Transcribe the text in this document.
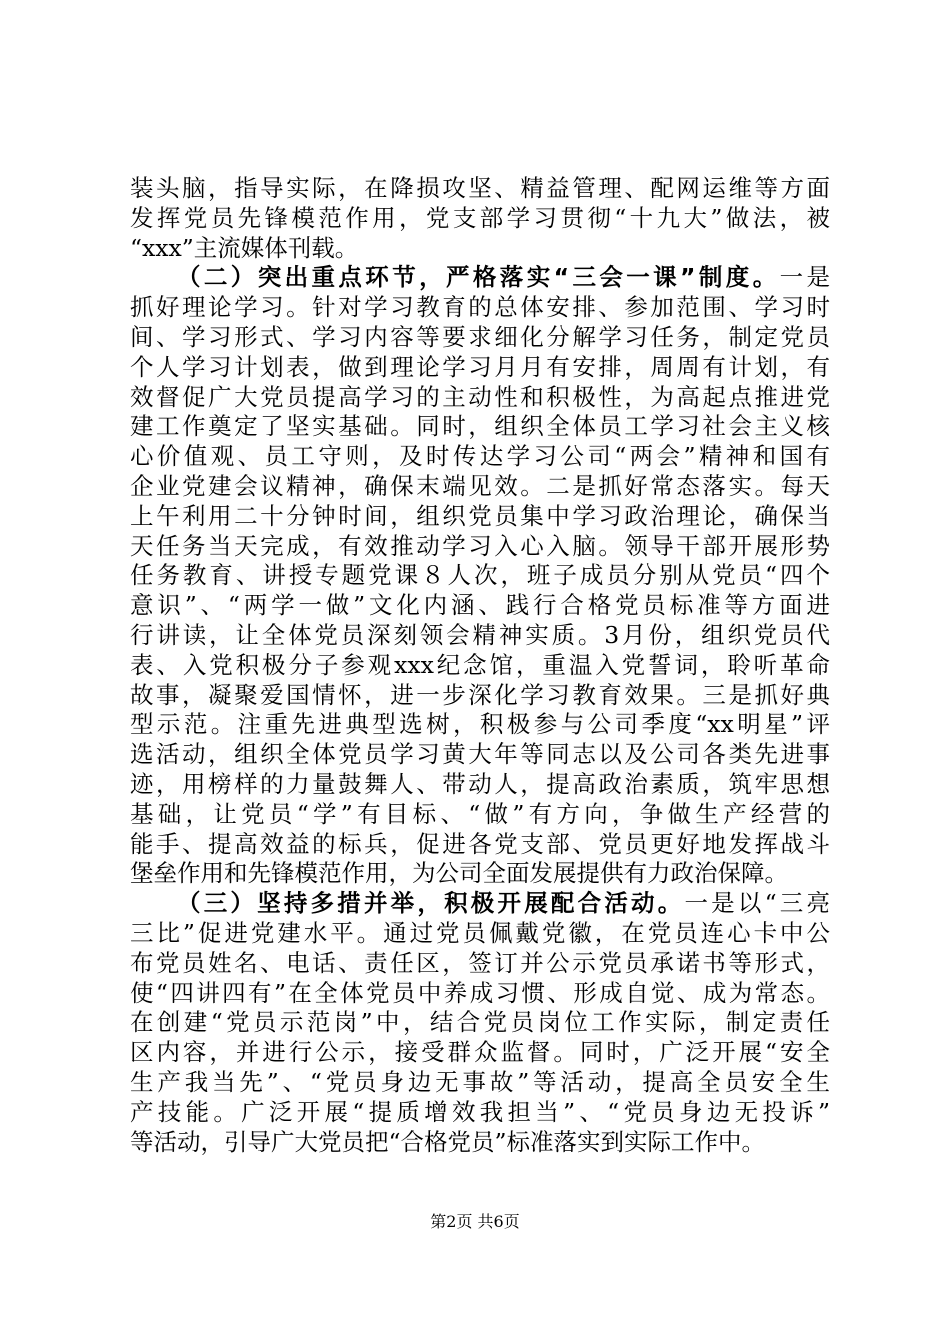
装头脑，指导实际，在降损攻坚、精益管理、配网运维等方面
发挥党员先锋模范作用，党支部学习贯彻“十九大”做法，被
“xxx”主流媒体刊载。
（二）突出重点环节，严格落实“三会一课”制度。一是
抓好理论学习。针对学习教育的总体安排、参加范围、学习时
间、学习形式、学习内容等要求细化分解学习任务，制定党员
个人学习计划表，做到理论学习月月有安排，周周有计划，有
效督促广大党员提高学习的主动性和积极性，为高起点推进党
建工作奠定了坚实基础。同时，组织全体员工学习社会主义核
心价值观、员工守则，及时传达学习公司“两会”精神和国有
企业党建会议精神，确保末端见效。二是抓好常态落实。每天
上午利用二十分钟时间，组织党员集中学习政治理论，确保当
天任务当天完成，有效推动学习入心入脑。领导干部开展形势
任务教育、讲授专题党课８人次，班子成员分别从党员“四个
意识”、“两学一做”文化内涵、践行合格党员标准等方面进
行讲读，让全体党员深刻领会精神实质。3月份，组织党员代
表、入党积极分子参观xxx纪念馆，重温入党誓词，聆听革命
故事，凝聚爱国情怀，进一步深化学习教育效果。三是抓好典
型示范。注重先进典型选树，积极参与公司季度“xx明星”评
选活动，组织全体党员学习黄大年等同志以及公司各类先进事
迹，用榜样的力量鼓舞人、带动人，提高政治素质，筑牢思想
基础，让党员“学”有目标、“做”有方向，争做生产经营的
能手、提高效益的标兵，促进各党支部、党员更好地发挥战斗
堡垒作用和先锋模范作用，为公司全面发展提供有力政治保障。
（三）坚持多措并举，积极开展配合活动。一是以“三亮
三比”促进党建水平。通过党员佩戴党徽，在党员连心卡中公
布党员姓名、电话、责任区，签订并公示党员承诺书等形式，
使“四讲四有”在全体党员中养成习惯、形成自觉、成为常态。
在创建“党员示范岗”中，结合党员岗位工作实际，制定责任
区内容，并进行公示，接受群众监督。同时，广泛开展“安全
生产我当先”、“党员身边无事故”等活动，提高全员安全生
产技能。广泛开展“提质增效我担当”、“党员身边无投诉”
等活动，引导广大党员把“合格党员”标准落实到实际工作中。
第2页 共6页
